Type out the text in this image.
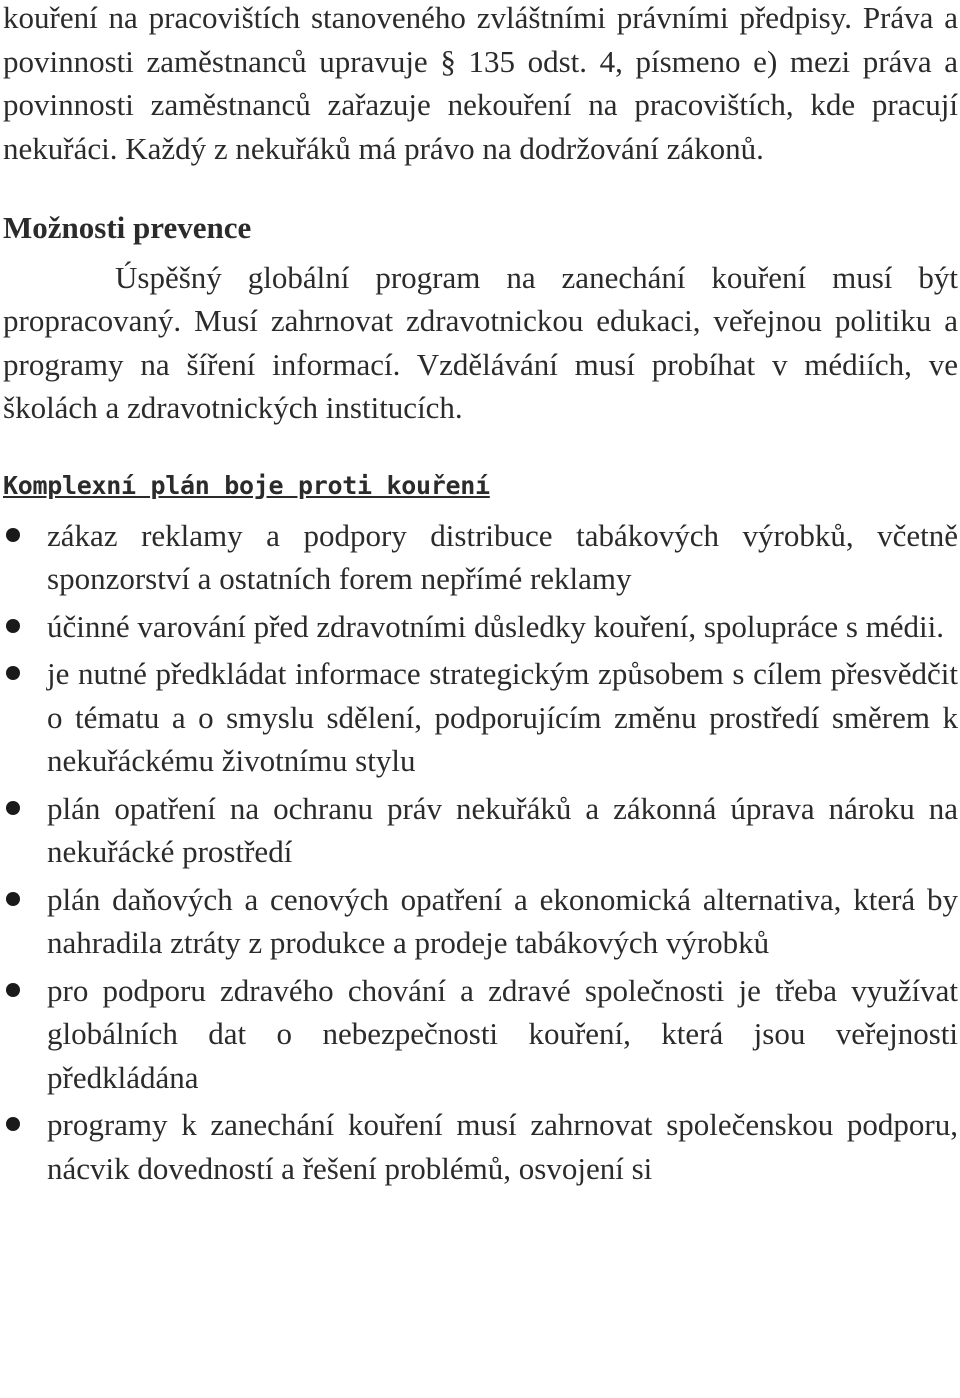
kouření na pracovištích stanoveného zvláštními právními předpisy. Práva a povinnosti zaměstnanců upravuje § 135 odst. 4, písmeno e) mezi práva a povinnosti zaměstnanců zařazuje nekouření na pracovištích, kde pracují nekuřáci. Každý z nekuřáků má právo na dodržování zákonů.

Možnosti prevence

Úspěšný globální program na zanechání kouření musí být propracovaný. Musí zahrnovat zdravotnickou edukaci, veřejnou politiku a programy na šíření informací. Vzdělávání musí probíhat v médiích, ve školách a zdravotnických institucích.

Komplexní plán boje proti kouření
zákaz reklamy a podpory distribuce tabákových výrobků, včetně sponzorství a ostatních forem nepřímé reklamy
účinné varování před zdravotními důsledky kouření, spolupráce s médii.
je nutné předkládat informace strategickým způsobem s cílem přesvědčit o tématu a o smyslu sdělení, podporujícím změnu prostředí směrem k nekuřáckému životnímu stylu
plán opatření na ochranu práv nekuřáků a zákonná úprava nároku na nekuřácké prostředí
plán daňových a cenových opatření a ekonomická alternativa, která by nahradila ztráty z produkce a prodeje tabákových výrobků
pro podporu zdravého chování a zdravé společnosti je třeba využívat globálních dat o nebezpečnosti kouření, která jsou veřejnosti předkládána
programy k zanechání kouření musí zahrnovat společenskou podporu, nácvik dovedností a řešení problémů, osvojení si
